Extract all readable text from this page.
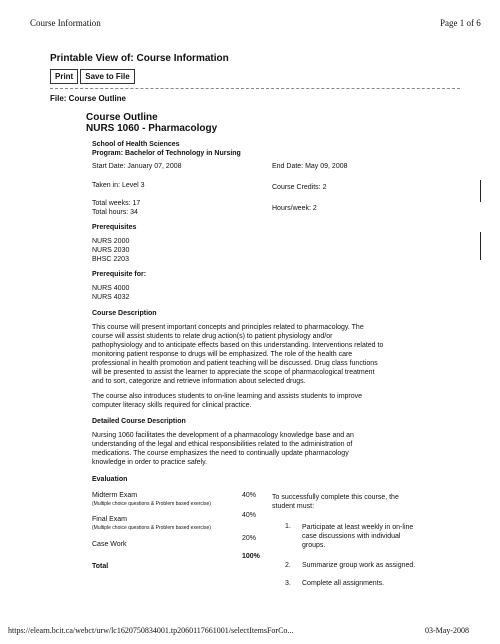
Course Information	Page 1 of 6
Printable View of: Course Information
Print	Save to File
File: Course Outline
Course Outline
NURS 1060 - Pharmacology
School of Health Sciences
Program: Bachelor of Technology in Nursing
Start Date: January 07, 2008	End Date: May 09, 2008
Taken in: Level 3	Course Credits: 2
Total weeks: 17
Total hours: 34
Hours/week: 2
Prerequisites
NURS 2000
NURS 2030
BHSC 2203
Prerequisite for:
NURS 4000
NURS 4032
Course Description
This course will present important concepts and principles related to pharmacology. The
course will assist students to relate drug action(s) to patient physiology and/or
pathophysiology and to anticipate effects based on this understanding. Interventions related to
monitoring patient response to drugs will be emphasized. The role of the health care
professional in health promotion and patient teaching will be discussed. Drug class functions
will be presented to assist the learner to appreciate the scope of pharmacological treatment
and to sort, categorize and retrieve information about selected drugs.
The course also introduces students to on-line learning and assists students to improve
computer literacy skills required for clinical practice.
Detailed Course Description
Nursing 1060 facilitates the development of a pharmacology knowledge base and an
understanding of the legal and ethical responsibilities related to the administration of
medications. The course emphasizes the need to continually update pharmacology
knowledge in order to practice safely.
Evaluation
Midterm Exam
(Multiple choice questions & Problem based exercise)
40%
Final Exam
(Multiple choice questions & Problem based exercise)
40%
Case Work
20%
Total
100%
To successfully complete this course, the
student must:
1. Participate at least weekly in on-line
case discussions with individual
groups.
2. Summarize group work as assigned.
3. Complete all assignments.
https://elearn.bcit.ca/webct/urw/lc1620750834001.tp2060117661001/selectItemsForCo...	03-May-2008
